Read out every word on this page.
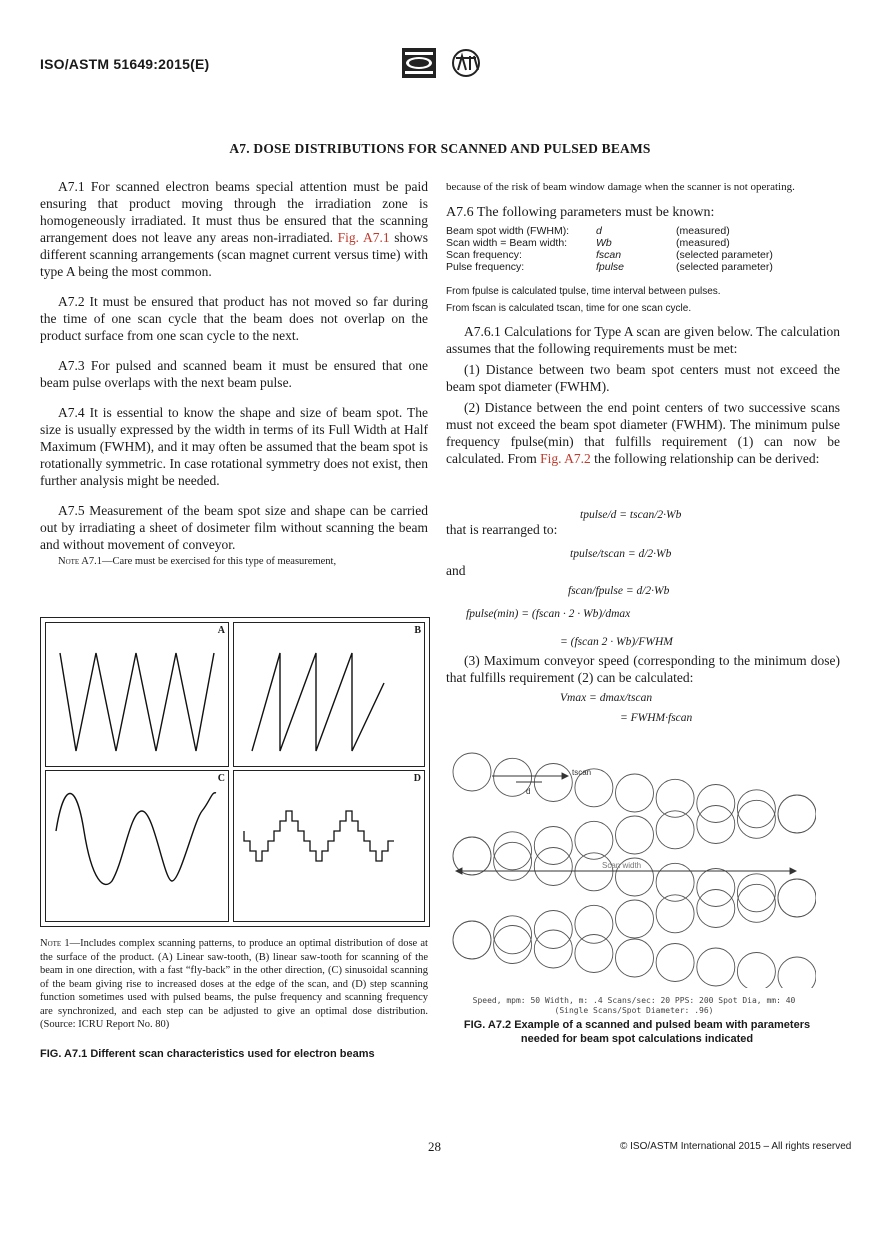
ISO/ASTM 51649:2015(E)
A7. DOSE DISTRIBUTIONS FOR SCANNED AND PULSED BEAMS

A7.1 For scanned electron beams special attention must be paid ensuring that product moving through the irradiation zone is homogeneously irradiated. It must thus be ensured that the scanning arrangement does not leave any areas non-irradiated. Fig. A7.1 shows different scanning arrangements (scan magnet current versus time) with type A being the most common.

A7.2 It must be ensured that product has not moved so far during the time of one scan cycle that the beam does not overlap on the product surface from one scan cycle to the next.

A7.3 For pulsed and scanned beam it must be ensured that one beam pulse overlaps with the next beam pulse.

A7.4 It is essential to know the shape and size of beam spot. The size is usually expressed by the width in terms of its Full Width at Half Maximum (FWHM), and it may often be assumed that the beam spot is rotationally symmetric. In case rotational symmetry does not exist, then further analysis might be needed.

A7.5 Measurement of the beam spot size and shape can be carried out by irradiating a sheet of dosimeter film without scanning the beam and without movement of conveyor.

Note A7.1—Care must be exercised for this type of measurement,

A	B
C	D
Note 1—Includes complex scanning patterns, to produce an optimal distribution of dose at the surface of the product. (A) Linear saw-tooth, (B) linear saw-tooth for scanning of the beam in one direction, with a fast “fly-back” in the other direction, (C) sinusoidal scanning of the beam giving rise to increased doses at the edge of the scan, and (D) step scanning function sometimes used with pulsed beams, the pulse frequency and scanning frequency are synchronized, and each step can be adjusted to give an optimal dose distribution. (Source: ICRU Report No. 80)
FIG. A7.1 Different scan characteristics used for electron beams

because of the risk of beam window damage when the scanner is not operating.

A7.6 The following parameters must be known:

Beam spot width (FWHM):	d	(measured)
Scan width = Beam width:	Wb	(measured)
Scan frequency:	fscan	(selected parameter)
Pulse frequency:	fpulse	(selected parameter)
From fpulse is calculated tpulse, time interval between pulses.
From fscan is calculated tscan, time for one scan cycle.

A7.6.1 Calculations for Type A scan are given below. The calculation assumes that the following requirements must be met:

(1) Distance between two beam spot centers must not exceed the beam spot diameter (FWHM).

(2) Distance between the end point centers of two successive scans must not exceed the beam spot diameter (FWHM). The minimum pulse frequency fpulse(min) that fulfills requirement (1) can now be calculated. From Fig. A7.2 the following relationship can be derived:

tpulse/d = tscan/2·Wb
that is rearranged to:
tpulse/tscan = d/2·Wb
and
fscan/fpulse = d/2·Wb
fpulse(min) = (fscan · 2 · Wb)/dmax
= (fscan 2 · Wb)/FWHM

(3) Maximum conveyor speed (corresponding to the minimum dose) that fulfills requirement (2) can be calculated:

Vmax = dmax/tscan
= FWHM·fscan
tscan
d
Scan width
Speed, mpm: 50 Width, m: .4 Scans/sec: 20 PPS: 200 Spot Dia, mm: 40
(Single Scans/Spot Diameter: .96)
FIG. A7.2 Example of a scanned and pulsed beam with parameters needed for beam spot calculations indicated
28	© ISO/ASTM International 2015 – All rights reserved
